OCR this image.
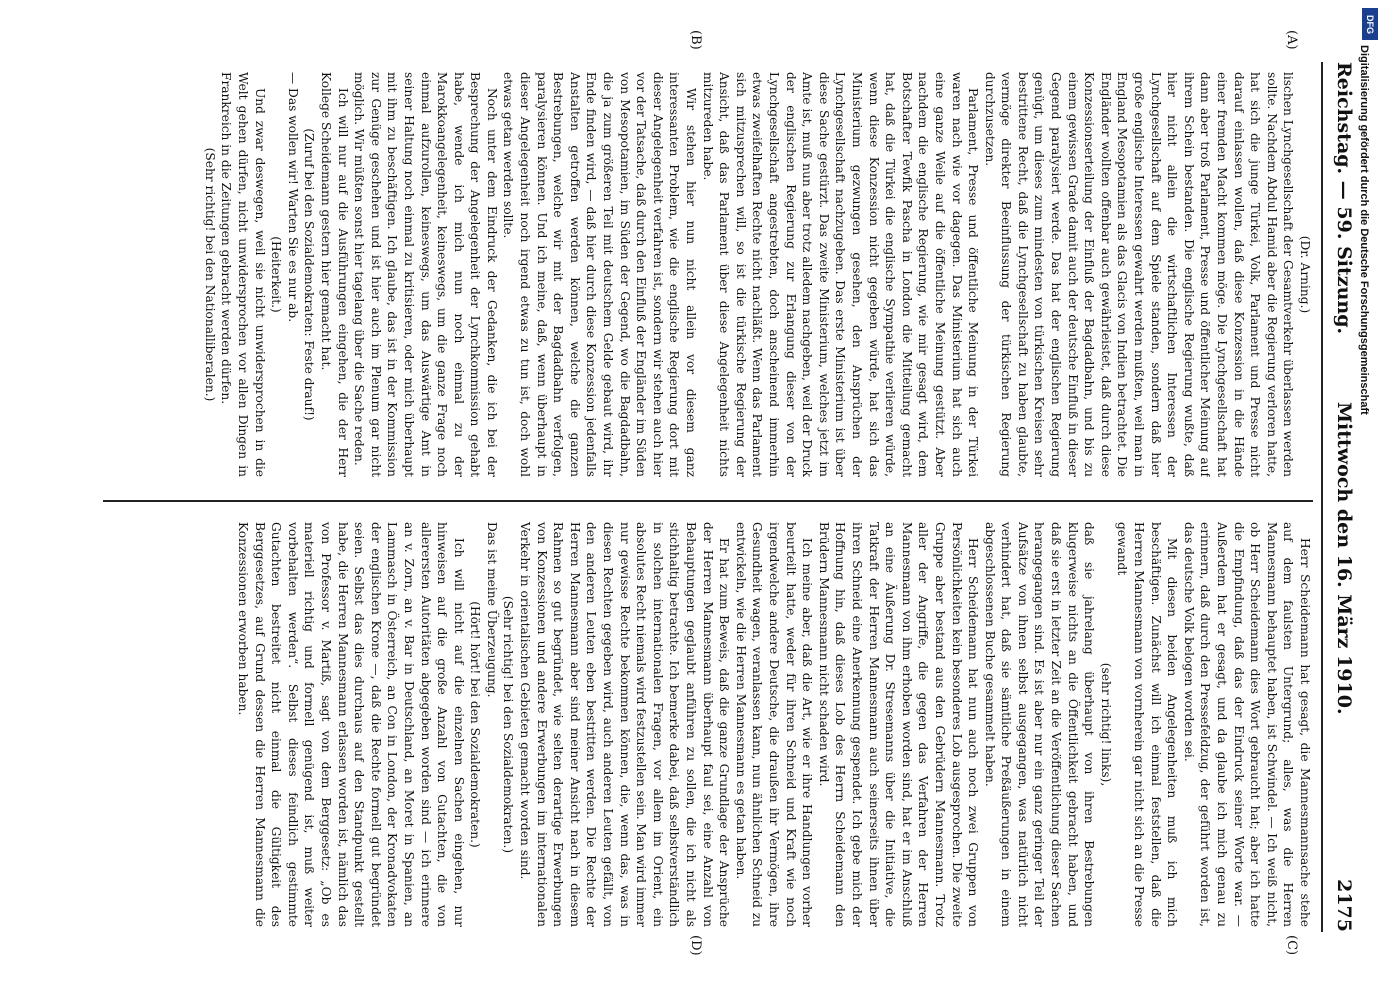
Reichstag. — 59. Sitzung.
Mittwoch den 16. März 1910.
2175
(A)
(B)
(C)
(D)

(Dr. Arning.)

lischen Lynchgesellschaft der Gesamtverkehr überlassen werden sollte. Nachdem Abdul Hamid aber die Regierung verloren hatte, hat sich die junge Türkei, Volk, Parlament und Presse nicht darauf einlassen wollen, daß diese Konzession in die Hände einer fremden Macht kommen möge. Die Lynchgesellschaft hat dann aber troß Parlament, Presse und öffentlicher Meinung auf ihrem Schein bestanden. Die englische Regierung wußte, daß hier nicht allein die wirtschaftlichen Interessen der Lynchgesellschaft auf dem Spiele standen, sondern daß hier große englische Interessen gewahrt werden mußten, weil man in England Mesopotamien als das Glacis von Indien betrachtet. Die Engländer wollten offenbar auch gewährleistet, daß durch diese Konzessionserteilung der Einfluß der Bagdadbahn, und bis zu einem gewissen Grade damit auch der deutsche Einfluß in dieser Gegend paralysiert werde. Das hat der englischen Regierung genügt, um dieses zum mindesten von türkischen Kreisen sehr bestrittene Recht, daß die Lynchgesellschaft zu haben glaubte, vermöge direkter Beeinflussung der türkischen Regierung durchzusetzen.

Parlament, Presse und öffentliche Meinung in der Türkei waren nach wie vor dagegen. Das Ministerium hat sich auch eine ganze Weile auf die öffentliche Meinung gestützt. Aber nachdem die englische Regierung, wie mir gesagt wird, dem Botschafter Tewfik Pascha in London die Mitteilung gemacht hat, daß die Türkei die englische Sympathie verlieren würde, wenn diese Konzession nicht gegeben würde, hat sich das Ministerium gezwungen gesehen, den Ansprüchen der Lynchgesellschaft nachzugeben. Das erste Ministerium ist über diese Sache gestürzt. Das zweite Ministerium, welches jetzt im Amte ist, muß nun aber trotz alledem nachgeben, weil der Druck der englischen Regierung zur Erlangung dieser von der Lynchgesellschaft angestrebten, doch anscheinend immerhin etwas zweifelhaften Rechte nicht nachläßt. Wenn das Parlament sich mitzusprechen will, so ist die türkische Regierung der Ansicht, daß das Parlament über diese Angelegenheit nichts mitzureden habe.

Wir stehen hier nun nicht allein vor diesem ganz interessanten Problem, wie die englische Regierung dort mit dieser Angelegenheit verfahren ist, sondern wir stehen auch hier vor der Tatsache, daß durch den Einfluß der Engländer im Süden von Mesopotamien, im Süden der Gegend, wo die Bagdadbahn, die ja zum größeren Teil mit deutschem Gelde gebaut wird, ihr Ende finden wird, — daß hier durch diese Konzession jedenfalls Anstalten getroffen werden können, welche die ganzen Bestrebungen, welche wir mit der Bagdadbahn verfolgen, paralysieren können. Und ich meine, daß, wenn überhaupt in dieser Angelegenheit noch irgend etwas zu tun ist, doch wohl etwas getan werden sollte.

Noch unter dem Eindruck der Gedanken, die ich bei der Besprechung der Angelegenheit der Lynchkommission gehabt habe, wende ich mich nun noch einmal zu der Marokkoangelegenheit, keineswegs, um die ganze Frage noch einmal aufzurollen, keineswegs, um das Auswärtige Amt in seiner Haltung noch einmal zu kritisieren, oder mich überhaupt mit ihm zu beschäftigen. Ich glaube, das ist in der Kommission zur Genüge geschehen und ist hier auch im Plenum gar nicht möglich. Wir müßten sonst hier tagelang über die Sache reden.

Ich will nur auf die Ausführungen eingehen, die der Herr Kollege Scheidemann gestern hier gemacht hat.

(Zuruf bei den Sozialdemokraten: Feste drauf!)

— Das wollen wir! Warten Sie es nur ab.

(Heiterkeit.)

Und zwar deswegen, weil sie nicht unwidersprochen in die Welt gehen dürfen, nicht unwidersprochen vor allen Dingen in Frankreich in die Zeitungen gebracht werden dürfen.

(Sehr richtig! bei den Nationalliberalen.)

Herr Scheidemann hat gesagt, die Mannesmannsache stehe auf dem faulsten Untergrund; alles, was die Herren Mannesmann behauptet haben, ist Schwindel. — Ich weiß nicht, ob Herr Scheidemann dies Wort gebraucht hat; aber ich hatte die Empfindung, daß das der Eindruck seiner Worte war. — Außerdem hat er gesagt, und da glaube ich mich genau zu erinnern, daß durch den Pressefeldzug, der geführt worden ist, das deutsche Volk belogen worden sei.

Mit diesen beiden Angelegenheiten muß ich mich beschäftigen. Zunächst will ich einmal feststellen, daß die Herren Mannesmann von vornherein gar nicht sich an die Presse gewandt

(sehr richtig! links),

daß sie jahrelang überhaupt von ihren Bestrebungen klugerweise nichts an die Öffentlichkeit gebracht haben, und daß sie erst in letzter Zeit an die Veröffentlichung dieser Sachen herangegangen sind. Es ist aber nur ein ganz geringer Teil der Aufsätze von ihnen selbst ausgegangen, was natürlich nicht verhindert hat, daß sie sämtliche Preßäußerungen in einem abgeschlossenen Buche gesammelt haben.

Herr Scheidemann hat nun auch noch zwei Gruppen von Persönlichkeiten kein besonderes Lob ausgesprochen. Die zweite Gruppe aber bestand aus den Gebrüdern Mannesmann. Trotz aller der Angriffe, die gegen das Verfahren der Herren Mannesmann von ihm erhoben worden sind, hat er im Anschluß an eine Äußerung Dr. Stresemanns über die Initiative, die Tatkraft der Herren Mannesmann auch seinerseits ihnen über ihren Schneid eine Anerkennung gespendet. Ich gebe mich der Hoffnung hin, daß dieses Lob des Herrn Scheidemann den Brüdern Mannesmann nicht schaden wird.

Ich meine aber, daß die Art, wie er ihre Handlungen vorher beurteilt hatte, weder für ihren Schneid und Kraft wie noch irgendwelche andere Deutsche, die draußen ihr Vermögen, ihre Gesundheit wagen, veranlassen kann, nun ähnlichen Schneid zu entwickeln, wie die Herren Mannesmann es getan haben.

Er hat zum Beweis, daß die ganze Grundlage der Ansprüche der Herren Mannesmann überhaupt faul sei, eine Anzahl von Behauptungen geglaubt anführen zu sollen, die ich nicht als stichhaltig betrachte. Ich bemerke dabei, daß selbstverständlich in solchen internationalen Fragen, vor allem im Orient, ein absolutes Recht niemals wird festzustellen sein. Man wird immer nur gewisse Rechte bekommen können, die, wenn das, was in diesen Rechten gegeben wird, auch anderen Leuten gefällt, von den anderen Leuten eben bestritten werden. Die Rechte der Herren Mannesmann aber sind meiner Ansicht nach in diesem Rahmen so gut begründet, wie selten derartige Erwerbungen von Konzessionen und andere Erwerbungen im internationalen Verkehr in orientalischen Gebieten gemacht worden sind.

(Sehr richtig! bei den Sozialdemokraten.)

Das ist meine Überzeugung.

(Hört! hört! bei den Sozialdemokraten.)

Ich will nicht auf die einzelnen Sachen eingehen, nur hinweisen auf die große Anzahl von Gutachten, die von allerersten Autoritäten abgegeben worden sind — ich erinnere an v. Zorn, an v. Bar in Deutschland, an Moret in Spanien, an Lammasch in Österreich, an Con in London, der Kronadvokaten der englischen Krone —, daß die Rechte formell gut begründet seien. Selbst das dies durchaus auf den Standpunkt gestellt habe, die Herren Mannesmann erlassen worden ist, nämlich das von Professor v. Martiß, sagt von dem Berggesetz: „Ob es materiell richtig und formell genügend ist, muß weiter vorbehalten werden“. Selbst dieses feindlich gestimmte Gutachten bestreitet nicht einmal die Gültigkeit des Berggesetzes, auf Grund dessen die Herren Mannesmann die Konzessionen erworben haben.

DFG
Digitalisierung gefördert durch die Deutsche Forschungsgemeinschaft
